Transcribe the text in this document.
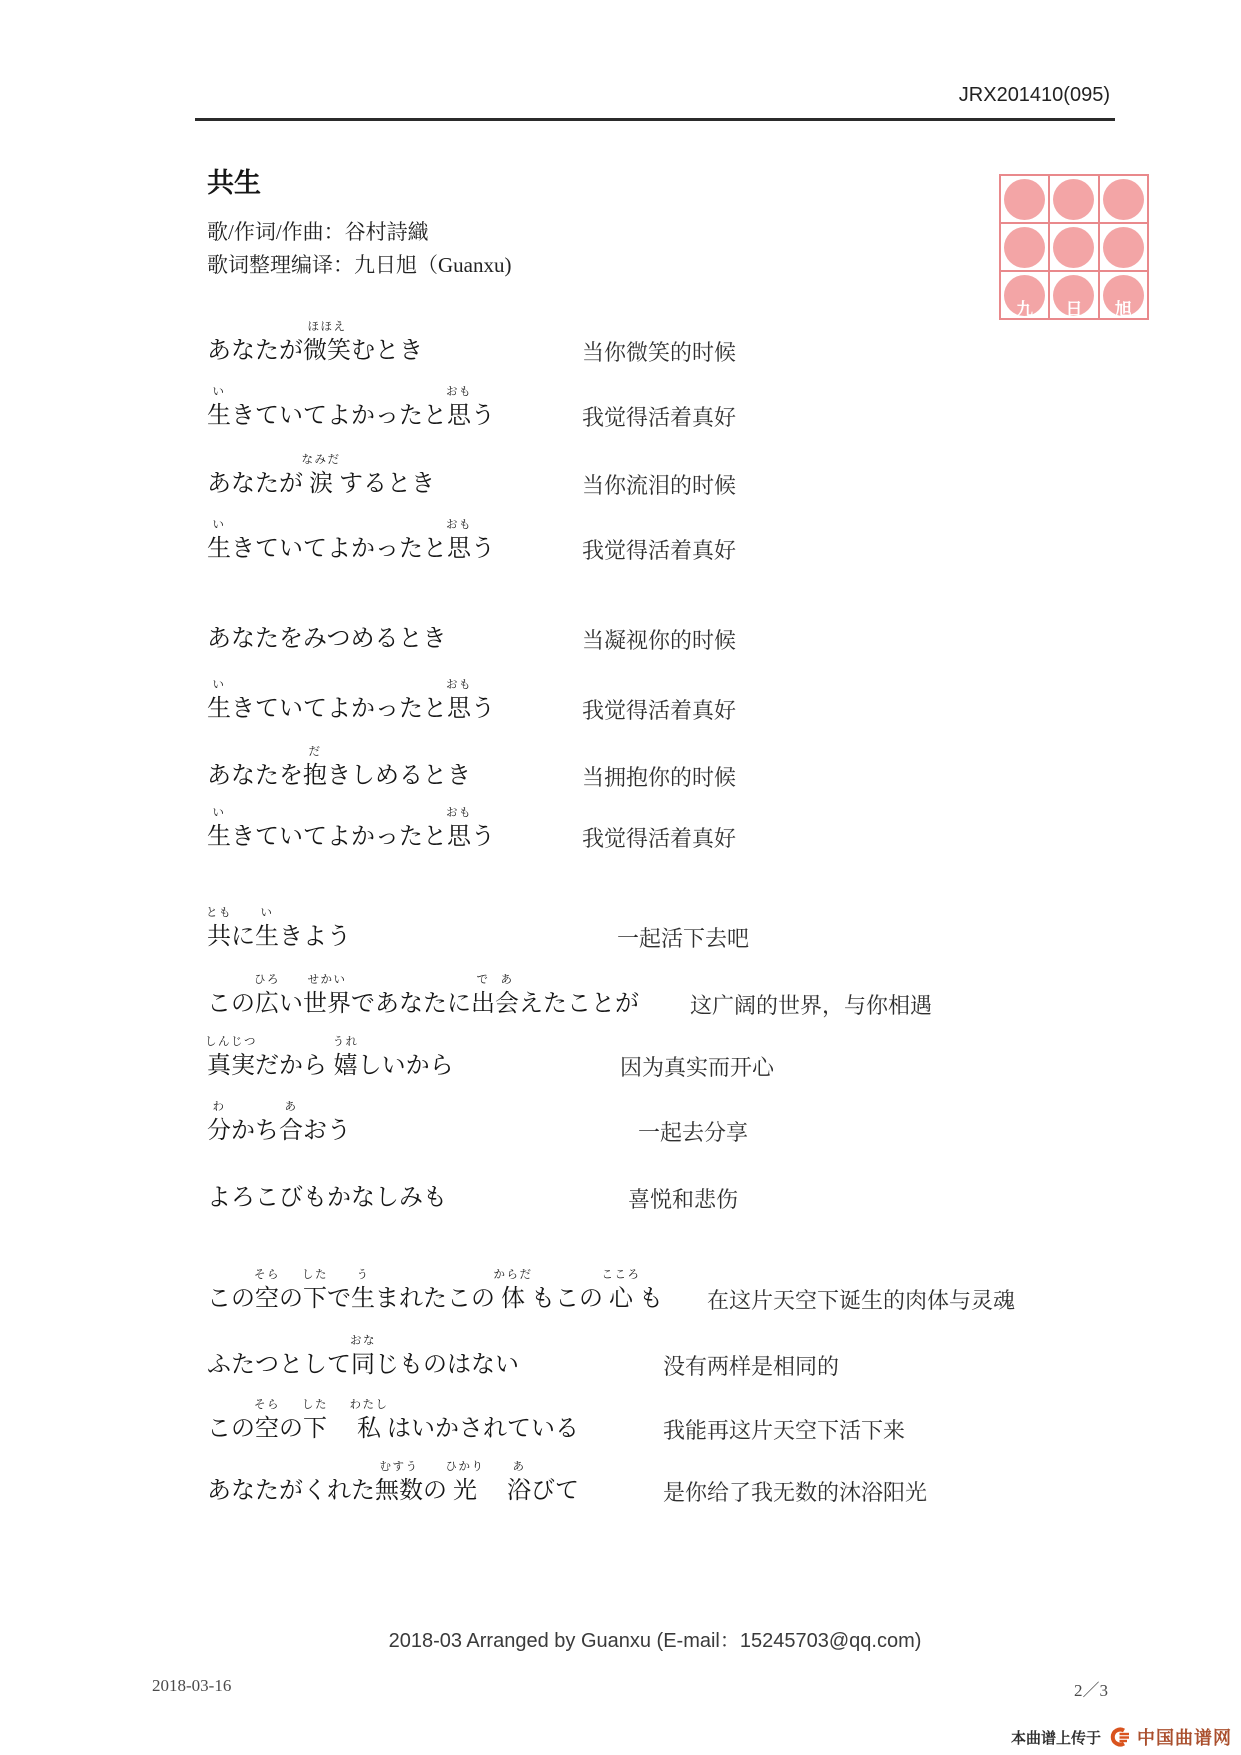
JRX201410(095)
共生
歌/作词/作曲：谷村詩織
歌词整理编译：九日旭（Guanxu)
九 日 旭
あなたが
ほほえ
微笑むとき	当你微笑的时候
い
生きていてよかったと
おも
思う	我觉得活着真好
あなたが
なみだ
涙 するとき	当你流泪的时候
い
生きていてよかったと
おも
思う	我觉得活着真好
あなたをみつめるとき	当凝视你的时候
い
生きていてよかったと
おも
思う	我觉得活着真好
あなたを
だ
抱きしめるとき	当拥抱你的时候
い
生きていてよかったと
おも
思う	我觉得活着真好
とも
共に
い
生きよう	一起活下去吧
この
ひろ
広い
せかい
世界であなたに
で
出
あ
会えたことが 这广阔的世界，与你相遇
しんじつ
真実だから
うれ
嬉しいから	因为真实而开心
わ
分かち
あ
合おう	一起去分享
よろこびもかなしみも	喜悦和悲伤
この
そら
空の
した
下で
う
生まれたこの
からだ
体 もこの
こころ
心 も 在这片天空下诞生的肉体与灵魂
ふたつとして
おな
同じものはない	没有两样是相同的
この
そら
空の
した
下　
わたし
私 はいかされている	我能再这片天空下活下来
あなたがくれた
むすう
無数の
ひかり
光　
あ
浴びて	是你给了我无数的沐浴阳光
2018-03 Arranged by Guanxu (E-mail：15245703@qq.com)
2018-03-16	2／3
本曲谱上传于 中国曲谱网
